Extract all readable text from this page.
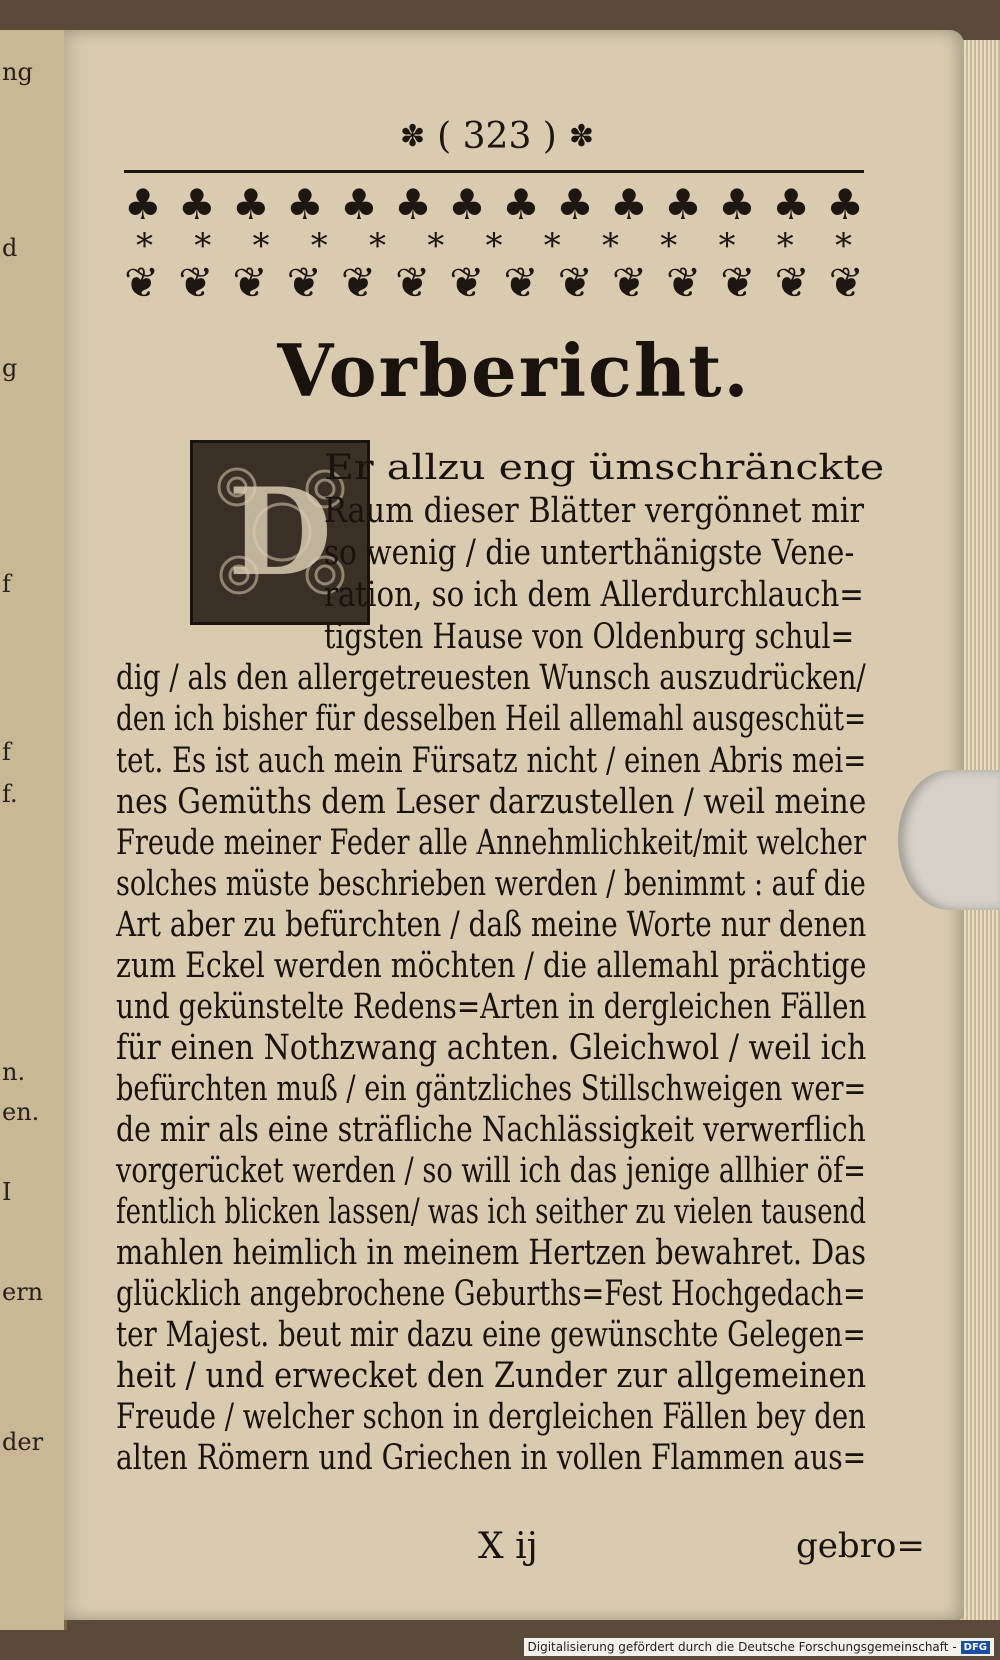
ng
d
g
f
f
f.
n.
en.
I
ern
der
✽ ( 323 ) ✽
♣ ♣ ♣ ♣ ♣ ♣ ♣ ♣ ♣ ♣ ♣ ♣ ♣ ♣
* * * * * * * * * * * * *
❦ ❦ ❦ ❦ ❦ ❦ ❦ ❦ ❦ ❦ ❦ ❦ ❦ ❦
Vorbericht.
D
Er allzu eng ümschränckte
Raum dieser Blätter vergönnet mir
so wenig / die unterthänigste Vene-
ration, so ich dem Allerdurchlauch=
tigsten Hause von Oldenburg schul=
dig / als den allergetreuesten Wunsch auszudrücken/
den ich bisher für desselben Heil allemahl ausgeschüt=
tet. Es ist auch mein Fürsatz nicht / einen Abris mei=
nes Gemüths dem Leser darzustellen / weil meine
Freude meiner Feder alle Annehmlichkeit/mit welcher
solches müste beschrieben werden / benimmt : auf die
Art aber zu befürchten / daß meine Worte nur denen
zum Eckel werden möchten / die allemahl prächtige
und gekünstelte Redens=Arten in dergleichen Fällen
für einen Nothzwang achten. Gleichwol / weil ich
befürchten muß / ein gäntzliches Stillschweigen wer=
de mir als eine sträfliche Nachlässigkeit verwerflich
vorgerücket werden / so will ich das jenige allhier öf=
fentlich blicken lassen/ was ich seither zu vielen tausend
mahlen heimlich in meinem Hertzen bewahret. Das
glücklich angebrochene Geburths=Fest Hochgedach=
ter Majest. beut mir dazu eine gewünschte Gelegen=
heit / und erwecket den Zunder zur allgemeinen
Freude / welcher schon in dergleichen Fällen bey den
alten Römern und Griechen in vollen Flammen aus=
X ij	gebro=
Digitalisierung gefördert durch die Deutsche Forschungsgemeinschaft - DFG
